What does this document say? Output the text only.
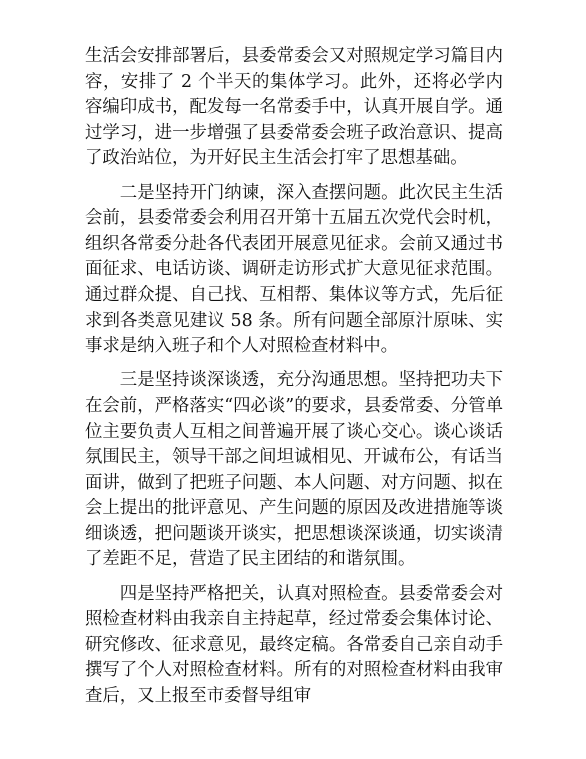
生活会安排部署后，县委常委会又对照规定学习篇目内容，安排了 2 个半天的集体学习。此外，还将必学内容编印成书，配发每一名常委手中，认真开展自学。通过学习，进一步增强了县委常委会班子政治意识、提高了政治站位，为开好民主生活会打牢了思想基础。

二是坚持开门纳谏，深入查摆问题。此次民主生活会前，县委常委会利用召开第十五届五次党代会时机，组织各常委分赴各代表团开展意见征求。会前又通过书面征求、电话访谈、调研走访形式扩大意见征求范围。通过群众提、自己找、互相帮、集体议等方式，先后征求到各类意见建议 58 条。所有问题全部原汁原味、实事求是纳入班子和个人对照检查材料中。

三是坚持谈深谈透，充分沟通思想。坚持把功夫下在会前，严格落实“四必谈”的要求，县委常委、分管单位主要负责人互相之间普遍开展了谈心交心。谈心谈话氛围民主，领导干部之间坦诚相见、开诚布公，有话当面讲，做到了把班子问题、本人问题、对方问题、拟在会上提出的批评意见、产生问题的原因及改进措施等谈细谈透，把问题谈开谈实，把思想谈深谈通，切实谈清了差距不足，营造了民主团结的和谐氛围。

四是坚持严格把关，认真对照检查。县委常委会对照检查材料由我亲自主持起草，经过常委会集体讨论、研究修改、征求意见，最终定稿。各常委自己亲自动手撰写了个人对照检查材料。所有的对照检查材料由我审查后，又上报至市委督导组审
